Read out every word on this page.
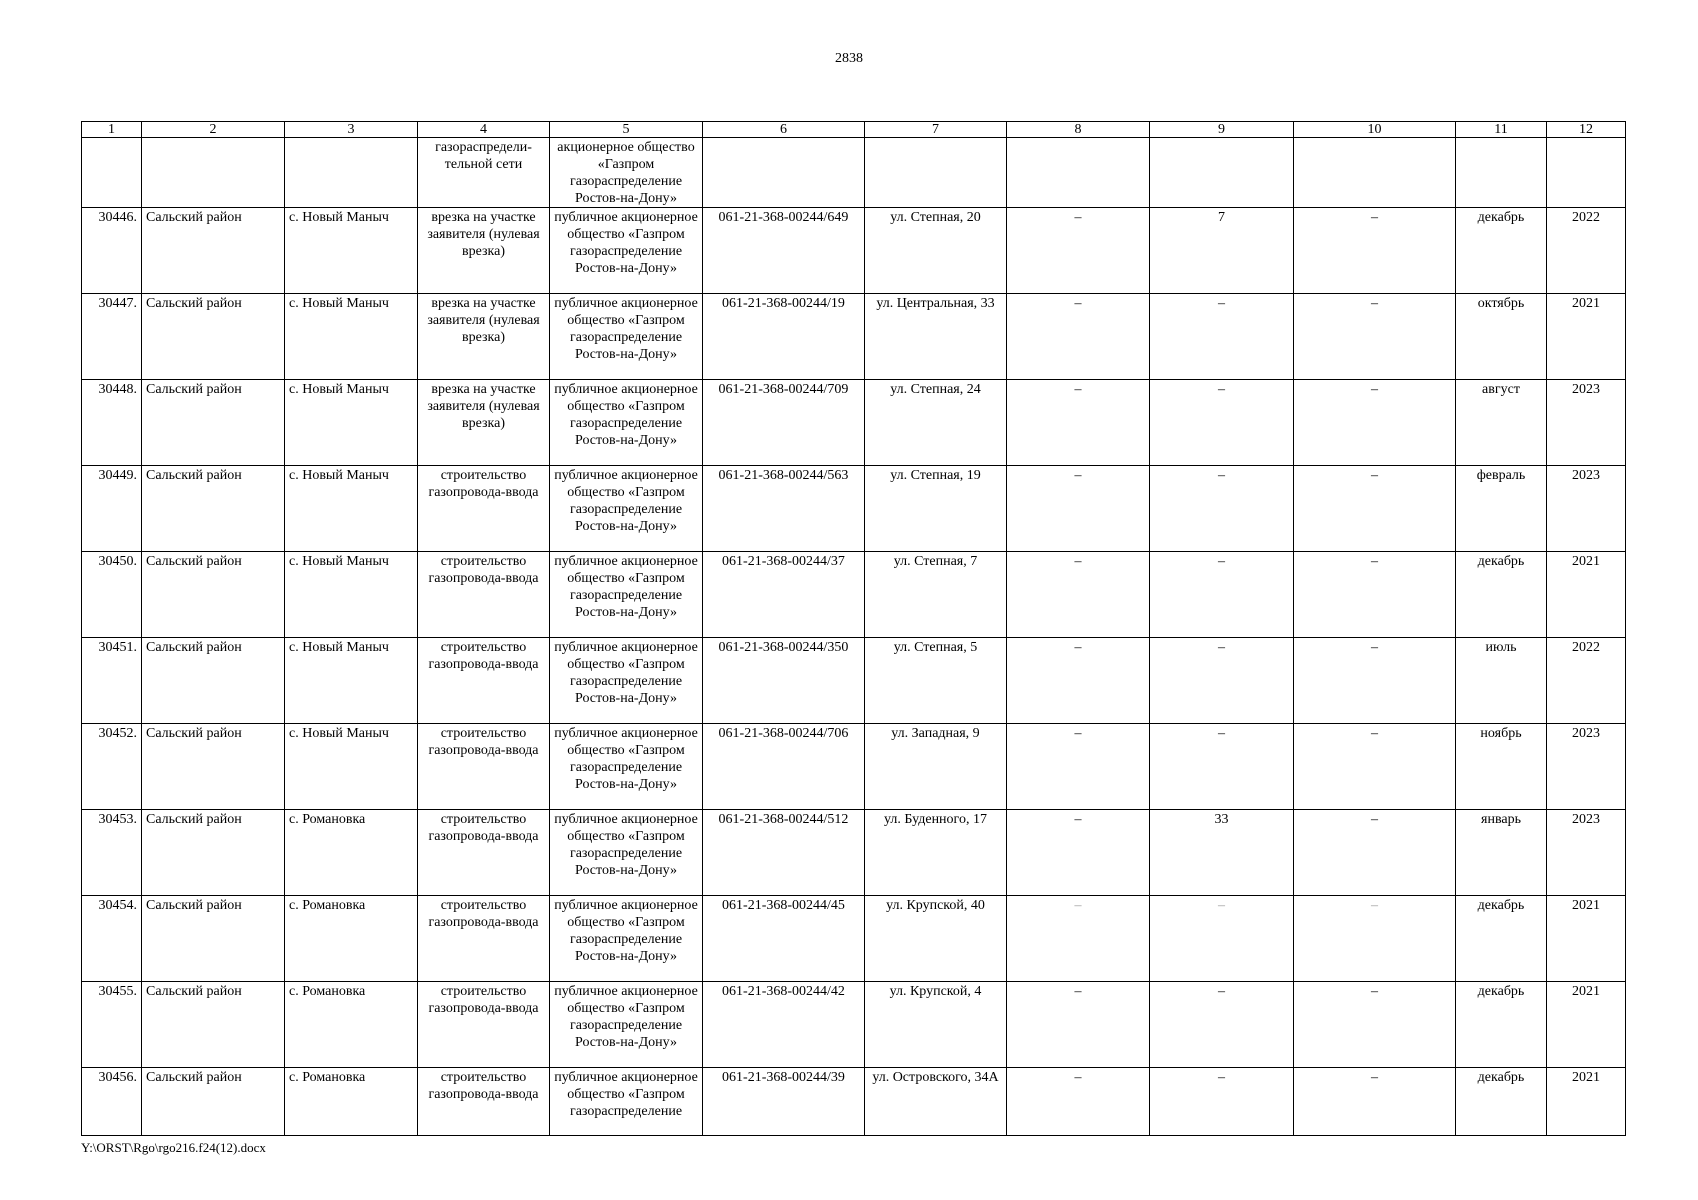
2838
1	2	3	4	5	6	7	8	9	10	11	12
			газораспредели-тельной сети	акционерное общество «Газпром газораспределение Ростов-на-Дону»							
30446.	Сальский район	с. Новый Маныч	врезка на участке заявителя (нулевая врезка)	публичное акционерное общество «Газпром газораспределение Ростов-на-Дону»	061-21-368-00244/649	ул. Степная, 20	–	7	–	декабрь	2022
30447.	Сальский район	с. Новый Маныч	врезка на участке заявителя (нулевая врезка)	публичное акционерное общество «Газпром газораспределение Ростов-на-Дону»	061-21-368-00244/19	ул. Центральная, 33	–	–	–	октябрь	2021
30448.	Сальский район	с. Новый Маныч	врезка на участке заявителя (нулевая врезка)	публичное акционерное общество «Газпром газораспределение Ростов-на-Дону»	061-21-368-00244/709	ул. Степная, 24	–	–	–	август	2023
30449.	Сальский район	с. Новый Маныч	строительство газопровода-ввода	публичное акционерное общество «Газпром газораспределение Ростов-на-Дону»	061-21-368-00244/563	ул. Степная, 19	–	–	–	февраль	2023
30450.	Сальский район	с. Новый Маныч	строительство газопровода-ввода	публичное акционерное общество «Газпром газораспределение Ростов-на-Дону»	061-21-368-00244/37	ул. Степная, 7	–	–	–	декабрь	2021
30451.	Сальский район	с. Новый Маныч	строительство газопровода-ввода	публичное акционерное общество «Газпром газораспределение Ростов-на-Дону»	061-21-368-00244/350	ул. Степная, 5	–	–	–	июль	2022
30452.	Сальский район	с. Новый Маныч	строительство газопровода-ввода	публичное акционерное общество «Газпром газораспределение Ростов-на-Дону»	061-21-368-00244/706	ул. Западная, 9	–	–	–	ноябрь	2023
30453.	Сальский район	с. Романовка	строительство газопровода-ввода	публичное акционерное общество «Газпром газораспределение Ростов-на-Дону»	061-21-368-00244/512	ул. Буденного, 17	–	33	–	январь	2023
30454.	Сальский район	с. Романовка	строительство газопровода-ввода	публичное акционерное общество «Газпром газораспределение Ростов-на-Дону»	061-21-368-00244/45	ул. Крупской, 40	–	–	–	декабрь	2021
30455.	Сальский район	с. Романовка	строительство газопровода-ввода	публичное акционерное общество «Газпром газораспределение Ростов-на-Дону»	061-21-368-00244/42	ул. Крупской, 4	–	–	–	декабрь	2021
30456.	Сальский район	с. Романовка	строительство газопровода-ввода	публичное акционерное общество «Газпром газораспределение	061-21-368-00244/39	ул. Островского, 34А	–	–	–	декабрь	2021
Y:\ORST\Rgo\rgo216.f24(12).docx
